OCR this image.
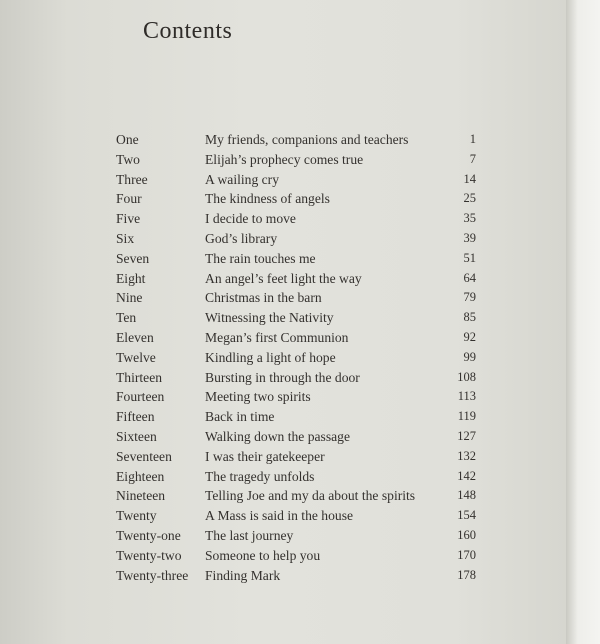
Contents
One	My friends, companions and teachers	1
Two	Elijah’s prophecy comes true	7
Three	A wailing cry	14
Four	The kindness of angels	25
Five	I decide to move	35
Six	God’s library	39
Seven	The rain touches me	51
Eight	An angel’s feet light the way	64
Nine	Christmas in the barn	79
Ten	Witnessing the Nativity	85
Eleven	Megan’s first Communion	92
Twelve	Kindling a light of hope	99
Thirteen	Bursting in through the door	108
Fourteen	Meeting two spirits	113
Fifteen	Back in time	119
Sixteen	Walking down the passage	127
Seventeen I was their gatekeeper	132
Eighteen	The tragedy unfolds	142
Nineteen	Telling Joe and my da about the spirits	148
Twenty	A Mass is said in the house	154
Twenty-one The last journey	160
Twenty-two Someone to help you	170
Twenty-three Finding Mark	178
